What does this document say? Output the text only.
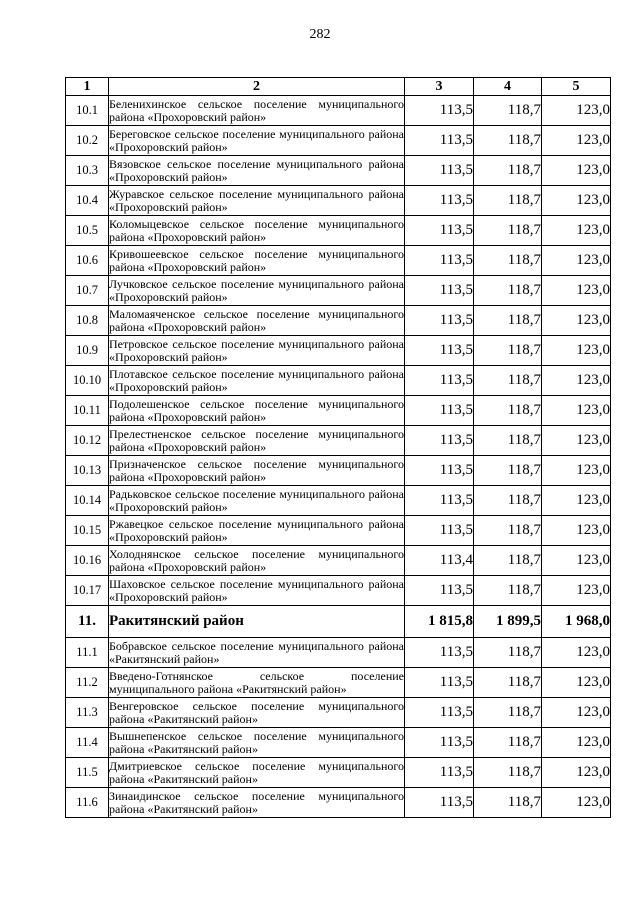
282
1	2	3	4	5
10.1	Беленихинское сельское поселение муниципального района «Прохоровский район»	113,5	118,7	123,0
10.2	Береговское сельское поселение муниципального района «Прохоровский район»	113,5	118,7	123,0
10.3	Вязовское сельское поселение муниципального района «Прохоровский район»	113,5	118,7	123,0
10.4	Журавское сельское поселение муниципального района «Прохоровский район»	113,5	118,7	123,0
10.5	Коломыцевское сельское поселение муниципального района «Прохоровский район»	113,5	118,7	123,0
10.6	Кривошеевское сельское поселение муниципального района «Прохоровский район»	113,5	118,7	123,0
10.7	Лучковское сельское поселение муниципального района «Прохоровский район»	113,5	118,7	123,0
10.8	Маломаяченское сельское поселение муниципального района «Прохоровский район»	113,5	118,7	123,0
10.9	Петровское сельское поселение муниципального района «Прохоровский район»	113,5	118,7	123,0
10.10	Плотавское сельское поселение муниципального района «Прохоровский район»	113,5	118,7	123,0
10.11	Подолешенское сельское поселение муниципального района «Прохоровский район»	113,5	118,7	123,0
10.12	Прелестненское сельское поселение муниципального района «Прохоровский район»	113,5	118,7	123,0
10.13	Призначенское сельское поселение муниципального района «Прохоровский район»	113,5	118,7	123,0
10.14	Радьковское сельское поселение муниципального района «Прохоровский район»	113,5	118,7	123,0
10.15	Ржавецкое сельское поселение муниципального района «Прохоровский район»	113,5	118,7	123,0
10.16	Холоднянское сельское поселение муниципального района «Прохоровский район»	113,4	118,7	123,0
10.17	Шаховское сельское поселение муниципального района «Прохоровский район»	113,5	118,7	123,0
11.	Ракитянский район	1 815,8	1 899,5	1 968,0
11.1	Бобравское сельское поселение муниципального района «Ракитянский район»	113,5	118,7	123,0
11.2	Введено-Готнянское сельское поселение муниципального района «Ракитянский район»	113,5	118,7	123,0
11.3	Венгеровское сельское поселение муниципального района «Ракитянский район»	113,5	118,7	123,0
11.4	Вышнепенское сельское поселение муниципального района «Ракитянский район»	113,5	118,7	123,0
11.5	Дмитриевское сельское поселение муниципального района «Ракитянский район»	113,5	118,7	123,0
11.6	Зинаидинское сельское поселение муниципального района «Ракитянский район»	113,5	118,7	123,0
